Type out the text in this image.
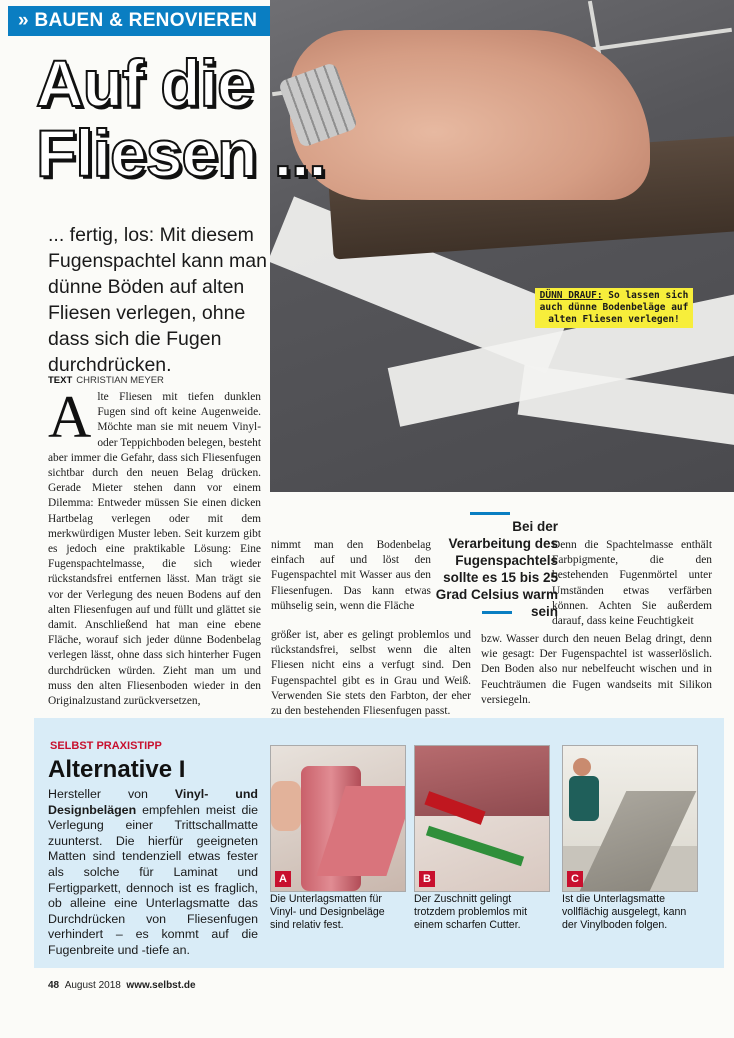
» BAUEN & RENOVIEREN
DÜNN DRAUF: So lassen sich auch dünne Bodenbeläge auf alten Fliesen verlegen!
Auf die
Fliesen ...
... fertig, los: Mit diesem Fugenspachtel kann man dünne Böden auf alten Fliesen verlegen, ohne dass sich die Fugen durchdrücken.
TEXT CHRISTIAN MEYER
Alte Fliesen mit tiefen dunklen Fugen sind oft keine Augenweide. Möchte man sie mit neuem Vinyl- oder Teppichboden belegen, besteht aber immer die Gefahr, dass sich Fliesenfugen sichtbar durch den neuen Belag drücken. Gerade Mieter stehen dann vor einem Dilemma: Entweder müssen Sie einen dicken Hartbelag verlegen oder mit dem merkwürdigen Muster leben. Seit kurzem gibt es jedoch eine praktikable Lösung: Eine Fugenspachtelmasse, die sich wieder rückstandsfrei entfernen lässt. Man trägt sie vor der Verlegung des neuen Bodens auf den alten Fliesenfugen auf und füllt und glättet sie damit. Anschließend hat man eine ebene Fläche, worauf sich jeder dünne Bodenbelag verlegen lässt, ohne dass sich hinterher Fugen durchdrücken würden. Zieht man um und muss den alten Fliesenboden wieder in den Originalzustand zurückversetzen,
Bei der Verarbeitung des Fugenspachtels sollte es 15 bis 25 Grad Celsius warm sein
nimmt man den Bodenbelag einfach auf und löst den Fugenspachtel mit Wasser aus den Fliesenfugen. Das kann etwas mühselig sein, wenn die Fläche
größer ist, aber es gelingt problemlos und rückstandsfrei, selbst wenn die alten Fliesen nicht eins a verfugt sind. Den Fugenspachtel gibt es in Grau und Weiß. Verwenden Sie stets den Farbton, der eher zu den bestehenden Fliesenfugen passt.
Denn die Spachtelmasse enthält Farbpigmente, die den bestehenden Fugenmörtel unter Umständen etwas verfärben können. Achten Sie außerdem darauf, dass keine Feuchtigkeit
bzw. Wasser durch den neuen Belag dringt, denn wie gesagt: Der Fugenspachtel ist wasserlöslich. Den Boden also nur nebelfeucht wischen und in Feuchträumen die Fugen wandseits mit Silikon versiegeln.
SELBST PRAXISTIPP
Alternative I
Hersteller von Vinyl- und Designbelägen empfehlen meist die Verlegung einer Trittschallmatte zuunterst. Die hierfür geeigneten Matten sind tendenziell etwas fester als solche für Laminat und Fertigparkett, dennoch ist es fraglich, ob alleine eine Unterlagsmatte das Durchdrücken von Fliesenfugen verhindert – es kommt auf die Fugenbreite und -tiefe an.
A	B	C
Die Unterlagsmatten für Vinyl- und Designbeläge sind relativ fest.
Der Zuschnitt gelingt trotzdem problemlos mit einem scharfen Cutter.
Ist die Unterlagsmatte vollflächig ausgelegt, kann der Vinylboden folgen.
48 August 2018 www.selbst.de
